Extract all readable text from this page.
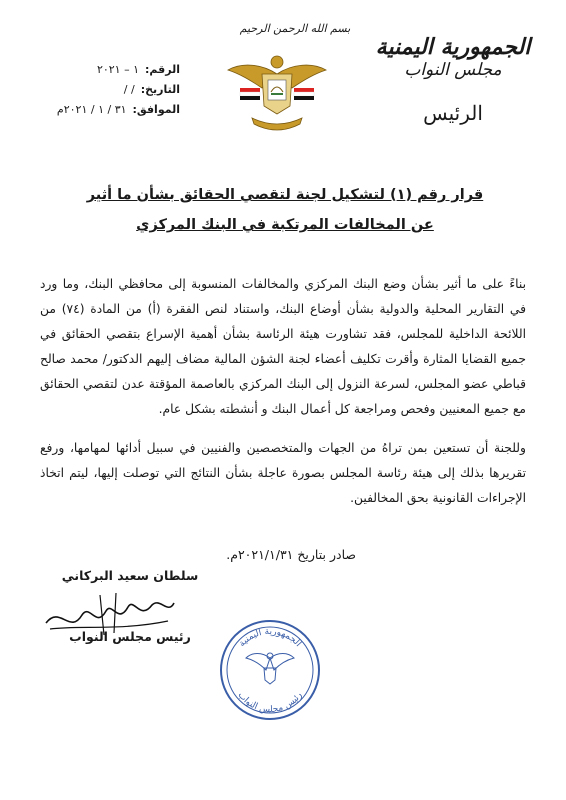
الجمهورية اليمنية
مجلس النواب
الرئيس
بسم الله الرحمن الرحيم
الرقم:
١ – ٢٠٢١
التاريخ:
/ /
الموافق:
٣١ / ١ / ٢٠٢١م
قرار رقم (١) لتشكيل لجنة لتقصي الحقائق بشأن ما أثير
عن المخالفات المرتكبة في البنك المركزي

بناءً على ما أثير بشأن وضع البنك المركزي والمخالفات المنسوبة إلى محافظي البنك، وما ورد في التقارير المحلية والدولية بشأن أوضاع البنك، واستناد لنص الفقرة (أ) من المادة (٧٤) من اللائحة الداخلية للمجلس، فقد تشاورت هيئة الرئاسة بشأن أهمية الإسراع بتقصي الحقائق في جميع القضايا المثارة وأقرت تكليف أعضاء لجنة الشؤن المالية مضاف إليهم الدكتور/ محمد صالح قباطي عضو المجلس، لسرعة النزول إلى البنك المركزي بالعاصمة المؤقتة عدن لتقصي الحقائق مع جميع المعنيين وفحص ومراجعة كل أعمال البنك و أنشطته بشكل عام.

وللجنة أن تستعين بمن تراهُ من الجهات والمتخصصين والفنيين في سبيل أدائها لمهامها، ورفع تقريرها بذلك إلى هيئة رئاسة المجلس بصورة عاجلة بشأن النتائج التي توصلت إليها، ليتم اتخاذ الإجراءات القانونية بحق المخالفين.

صادر بتاريخ ٢٠٢١/١/٣١م.
سلطان سعيد البركاني
رئيس مجلس النواب	الجمهورية اليمنية
رئيس مجلس النواب
